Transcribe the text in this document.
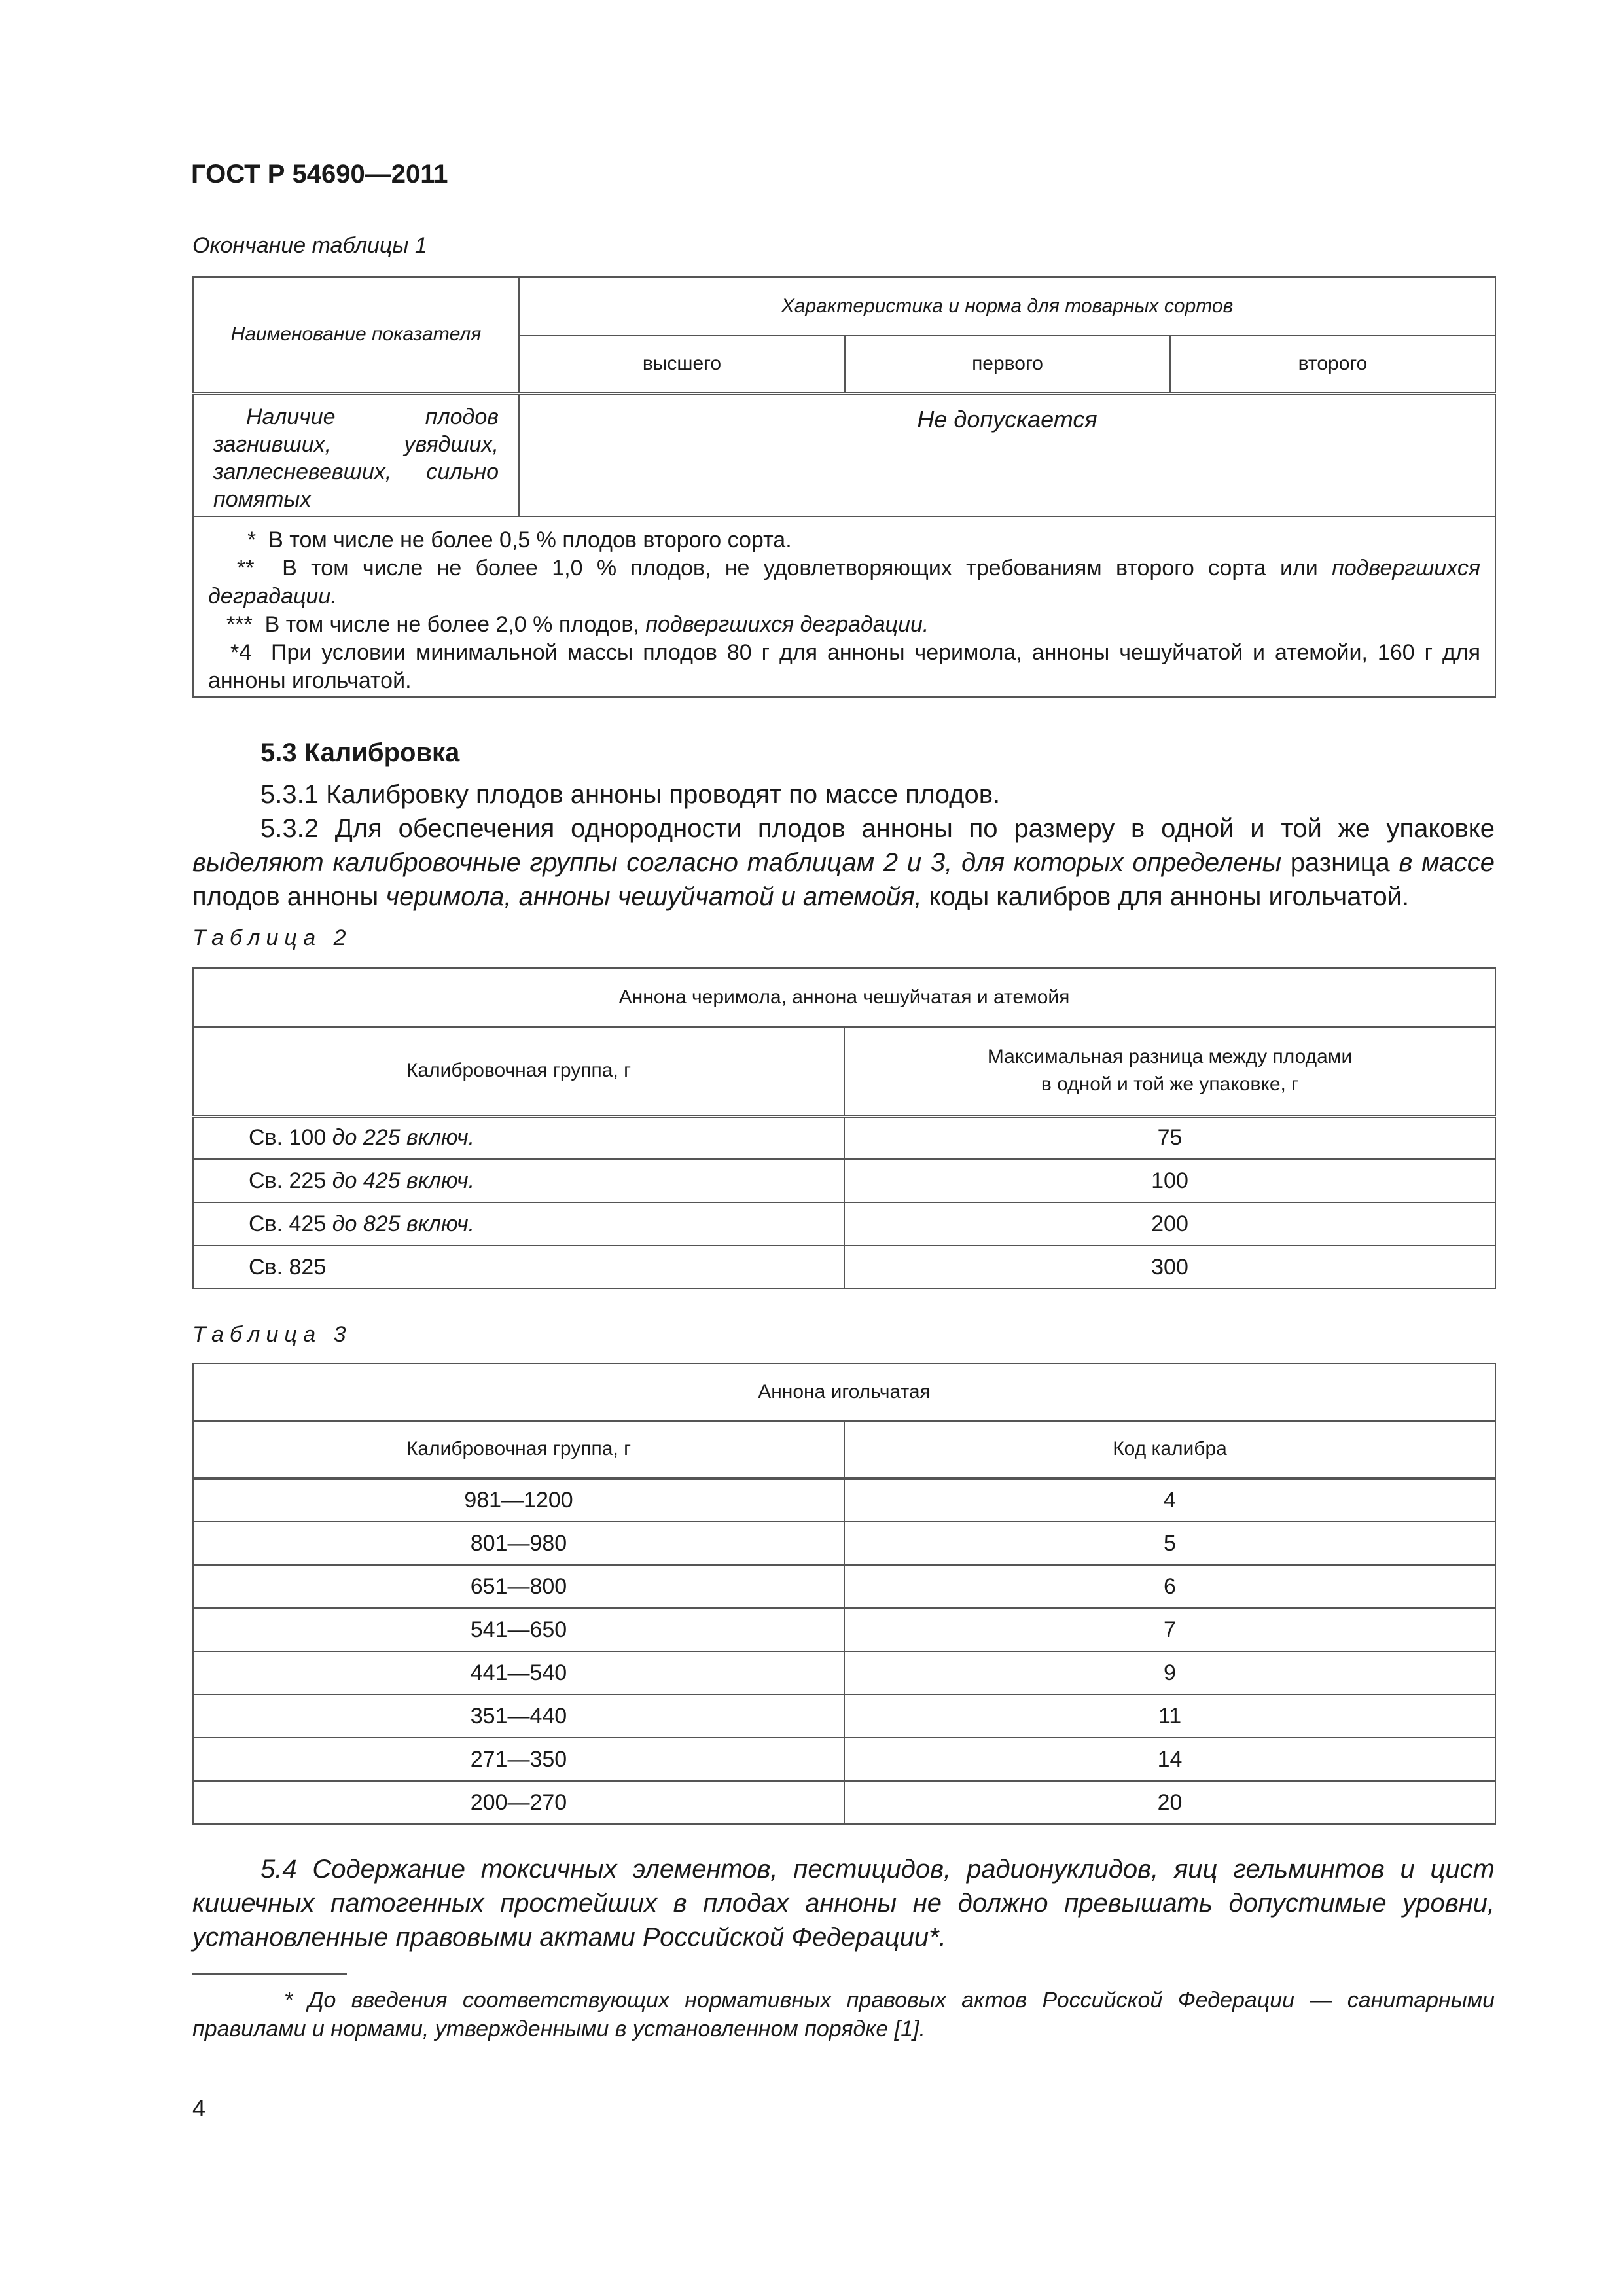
ГОСТ Р 54690—2011
Окончание таблицы 1
Наименование показателя	Характеристика и норма для товарных сортов		
	высшего	первого	второго
Наличие плодов загнивших, увядших, заплесневевших, сильно помятых	Не допускается		

* В том числе не более 0,5 % плодов второго сорта.
** В том числе не более 1,0 % плодов, не удовлетворяющих требованиям второго сорта или подвергшихся деградации.
*** В том числе не более 2,0 % плодов, подвергшихся деградации.
*4 При условии минимальной массы плодов 80 г для анноны черимола, анноны чешуйчатой и атемойи, 160 г для анноны игольчатой.			
5.3 Калибровка
5.3.1 Калибровку плодов анноны проводят по массе плодов.
5.3.2 Для обеспечения однородности плодов анноны по размеру в одной и той же упаковке выделяют калибровочные группы согласно таблицам 2 и 3, для которых определены разница в массе плодов анноны черимола, анноны чешуйчатой и атемойя, коды калибров для анноны игольчатой.
Таблица 2
Аннона черимола, аннона чешуйчатая и атемойя	
Калибровочная группа, г	Максимальная разница между плодами
в одной и той же упаковке, г

Св. 100 до 225 включ.	75
Св. 225 до 425 включ.	100
Св. 425 до 825 включ.	200
Св. 825	300
Таблица 3
Аннона игольчатая	
Калибровочная группа, г	Код калибра
981—1200	4
801—980	5
651—800	6
541—650	7
441—540	9
351—440	11
271—350	14
200—270	20
5.4 Содержание токсичных элементов, пестицидов, радионуклидов, яиц гельминтов и цист кишечных патогенных простейших в плодах анноны не должно превышать допустимые уровни, установленные правовыми актами Российской Федерации*.
* До введения соответствующих нормативных правовых актов Российской Федерации — санитарными правилами и нормами, утвержденными в установленном порядке [1].
4
